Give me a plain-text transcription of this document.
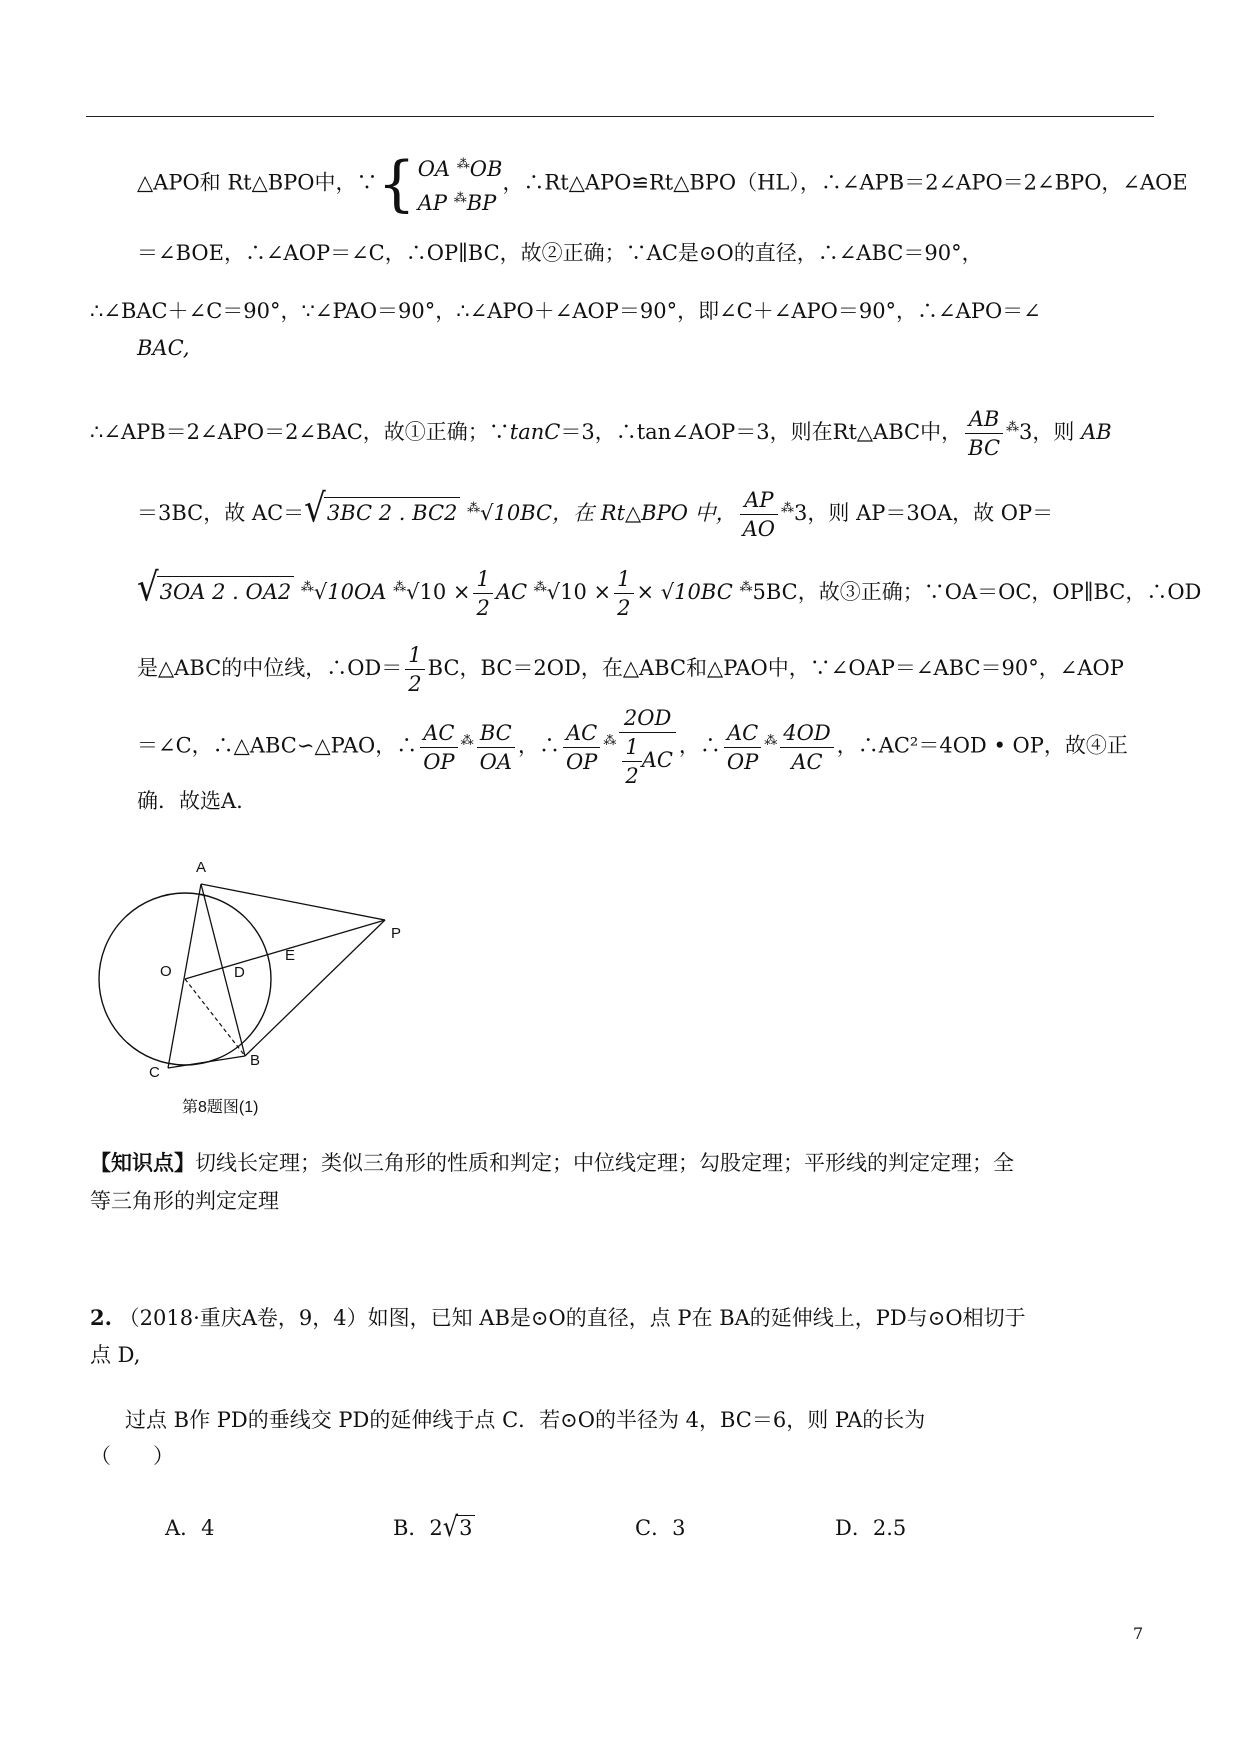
△APO和 Rt△BPO中，∵{ OA ⁂OB
AP ⁂BP
，∴Rt△APO≌Rt△BPO（HL），∴∠APB＝2∠APO＝2∠BPO，∠AOE
＝∠BOE，∴∠AOP＝∠C，∴OP∥BC，故②正确；∵AC是⊙O的直径，∴∠ABC＝90°，
∴∠BAC＋∠C＝90°，∵∠PAO＝90°，∴∠APO＋∠AOP＝90°，即∠C＋∠APO＝90°，∴∠APO＝∠
BAC,
∴∠APB＝2∠APO＝2∠BAC，故①正确；∵tanC＝3，∴tan∠AOP＝3，则在Rt△ABC中， $\frac{AB}{BC} ^⁂3$，则 AB
＝3BC，故 AC＝√3BC 2 . BC2 ⁂√10BC，在 Rt△BPO 中， $\frac{AP}{AO} ^⁂3$，则 AP＝3OA，故 OP＝
√3OA 2 . OA2 ⁂√10OA $^⁂√10 \times \frac{1}{2}$ AC $^⁂√10 \times \frac{1}{2} \times √10BC$ ⁂5BC，故③正确；∵OA＝OC，OP∥BC，∴OD
是△ABC的中位线，∴OD＝ $\frac{1}{2}$ BC，BC＝2OD，在△ABC和△PAO中，∵∠OAP＝∠ABC＝90°，∠AOP
＝∠C，∴△ABC∽△PAO，∴ $\frac{AC}{OP} ^⁂ \frac{BC}{OA}$ ，∴ $\frac{AC}{OP} ^⁂ \frac{2OD}{\frac{1}{2} AC}$ ，∴ $\frac{AC}{OP} ^⁂ \frac{4OD}{AC}$ ，∴AC²＝4OD • OP，故④正
确．故选A.
A
P
O	D
E
B
C
第8题图(1)
【知识点】切线长定理；类似三角形的性质和判定；中位线定理；勾股定理；平形线的判定定理；全
等三角形的判定定理
2. （2018·重庆A卷，9，4）如图，已知 AB是⊙O的直径，点 P在 BA的延伸线上，PD与⊙O相切于
点 D,
过点 B作 PD的垂线交 PD的延伸线于点 C．若⊙O的半径为 4，BC＝6，则 PA的长为
（　　）
A．4	B．2√3	C．3	D．2.5
7
